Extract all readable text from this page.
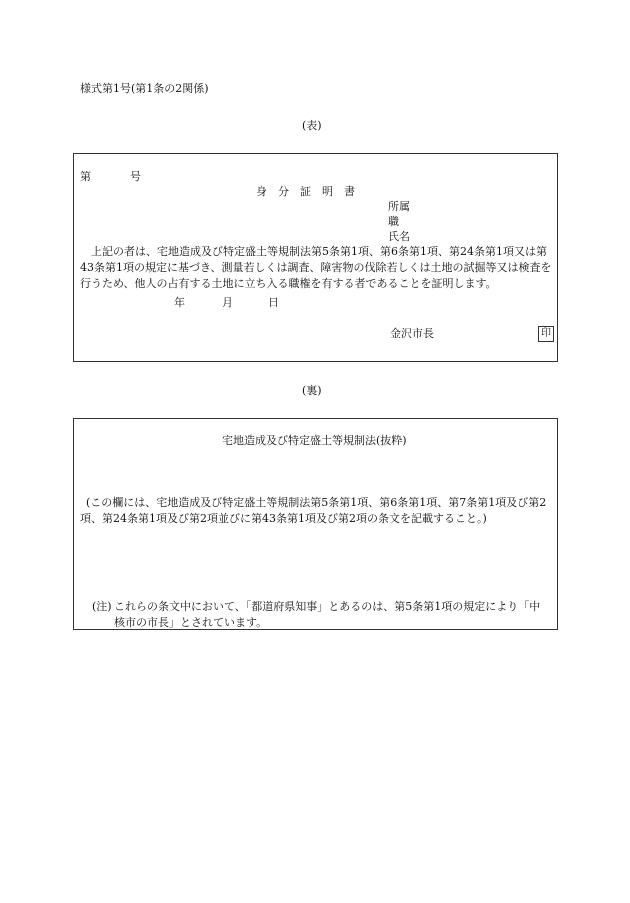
様式第1号(第1条の2関係)
(表)
第	号
身　分　証　明　書
所属
職
氏名
　上記の者は、宅地造成及び特定盛土等規制法第5条第1項、第6条第1項、第24条第1項又は第43条第1項の規定に基づき、測量若しくは調査、障害物の伐除若しくは土地の試掘等又は検査を行うため、他人の占有する土地に立ち入る職権を有する者であることを証明します。
年	月	日
金沢市長	印
(裏)
宅地造成及び特定盛土等規制法(抜粋)
(この欄には、宅地造成及び特定盛土等規制法第5条第1項、第6条第1項、第7条第1項及び第2項、第24条第1項及び第2項並びに第43条第1項及び第2項の条文を記載すること。)
(注) これらの条文中において、「都道府県知事」とあるのは、第5条第1項の規定により「中核市の市長」とされています。
